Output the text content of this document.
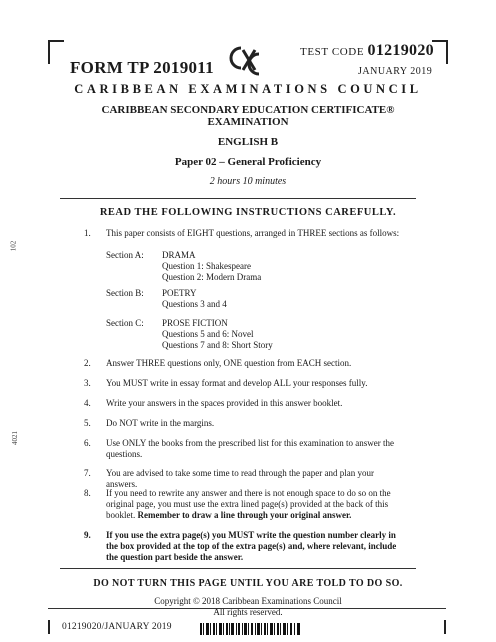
FORM TP 2019011
TEST CODE 01219020
JANUARY 2019
CARIBBEAN EXAMINATIONS COUNCIL
CARIBBEAN SECONDARY EDUCATION CERTIFICATE®
EXAMINATION
ENGLISH B
Paper 02 – General Proficiency
2 hours 10 minutes
READ THE FOLLOWING INSTRUCTIONS CAREFULLY.
1.	This paper consists of EIGHT questions, arranged in THREE sections as follows:
Section A:	DRAMA
Question 1: Shakespeare
Question 2: Modern Drama
Section B:	POETRY
Questions 3 and 4
Section C:	PROSE FICTION
Questions 5 and 6: Novel
Questions 7 and 8: Short Story
2.	Answer THREE questions only, ONE question from EACH section.
3.	You MUST write in essay format and develop ALL your responses fully.
4.	Write your answers in the spaces provided in this answer booklet.
5.	Do NOT write in the margins.
6.	Use ONLY the books from the prescribed list for this examination to answer the questions.
7.	You are advised to take some time to read through the paper and plan your answers.
8.	If you need to rewrite any answer and there is not enough space to do so on the original page, you must use the extra lined page(s) provided at the back of this booklet. Remember to draw a line through your original answer.
9.	If you use the extra page(s) you MUST write the question number clearly in the box provided at the top of the extra page(s) and, where relevant, include the question part beside the answer.
102
4021
DO NOT TURN THIS PAGE UNTIL YOU ARE TOLD TO DO SO.
Copyright © 2018 Caribbean Examinations Council
All rights reserved.
01219020/JANUARY 2019
